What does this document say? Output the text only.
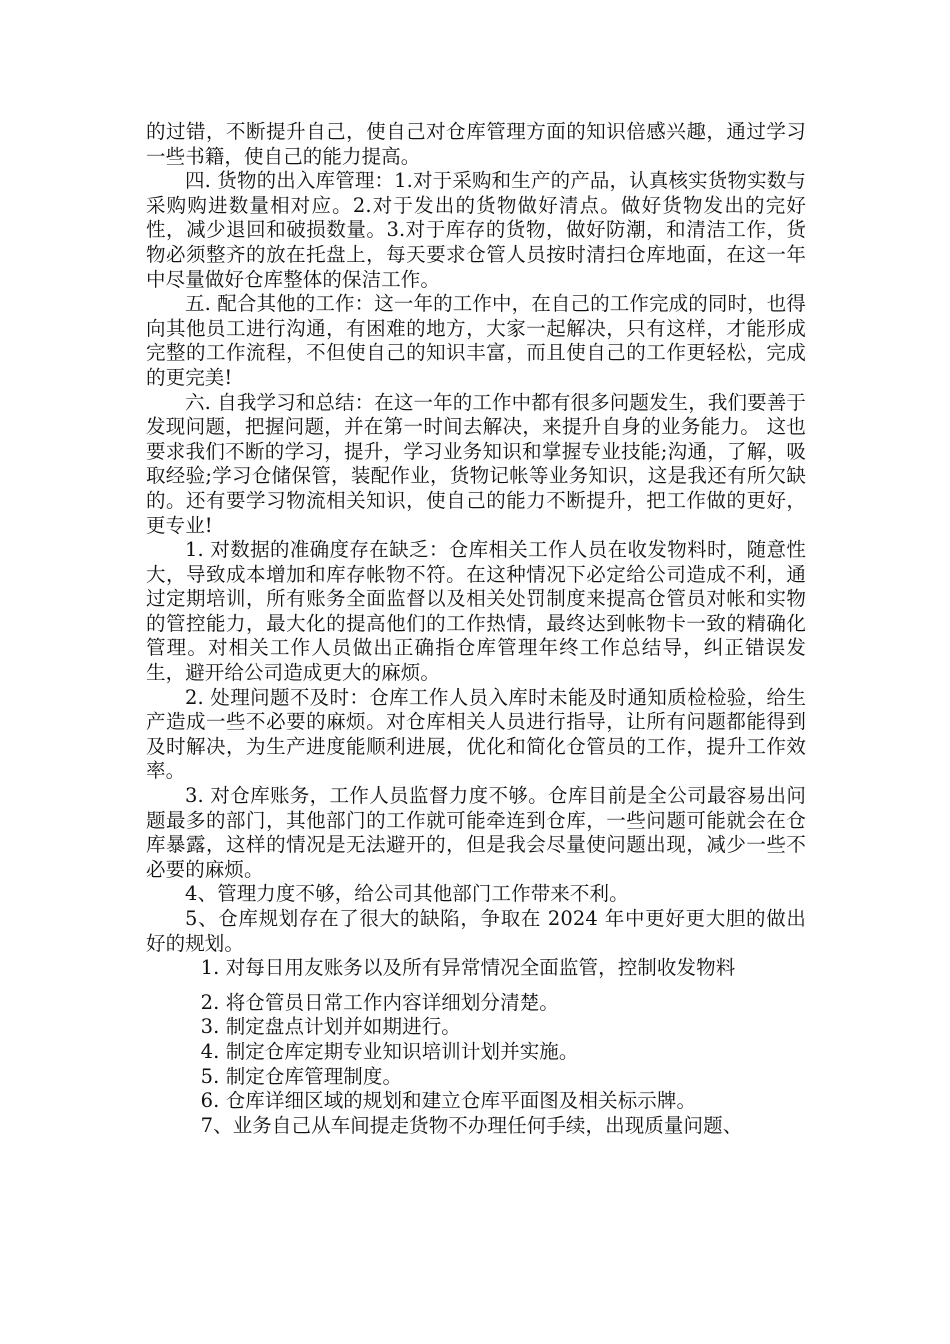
的过错，不断提升自己，使自己对仓库管理方面的知识倍感兴趣，通过学习一些书籍，使自己的能力提高。

四. 货物的出入库管理：1.对于采购和生产的产品，认真核实货物实数与采购购进数量相对应。2.对于发出的货物做好清点。做好货物发出的完好性，减少退回和破损数量。3.对于库存的货物，做好防潮，和清洁工作，货物必须整齐的放在托盘上，每天要求仓管人员按时清扫仓库地面，在这一年中尽量做好仓库整体的保洁工作。

五. 配合其他的工作：这一年的工作中，在自己的工作完成的同时，也得向其他员工进行沟通，有困难的地方，大家一起解决，只有这样，才能形成完整的工作流程，不但使自己的知识丰富，而且使自己的工作更轻松，完成的更完美!

六. 自我学习和总结：在这一年的工作中都有很多问题发生，我们要善于发现问题，把握问题，并在第一时间去解决，来提升自身的业务能力。 这也要求我们不断的学习，提升，学习业务知识和掌握专业技能;沟通，了解，吸取经验;学习仓储保管，装配作业，货物记帐等业务知识，这是我还有所欠缺的。还有要学习物流相关知识，使自己的能力不断提升，把工作做的更好，更专业!

1. 对数据的准确度存在缺乏：仓库相关工作人员在收发物料时，随意性大，导致成本增加和库存帐物不符。在这种情况下必定给公司造成不利，通过定期培训，所有账务全面监督以及相关处罚制度来提高仓管员对帐和实物的管控能力，最大化的提高他们的工作热情，最终达到帐物卡一致的精确化管理。对相关工作人员做出正确指仓库管理年终工作总结导，纠正错误发生，避开给公司造成更大的麻烦。

2. 处理问题不及时：仓库工作人员入库时未能及时通知质检检验，给生产造成一些不必要的麻烦。对仓库相关人员进行指导，让所有问题都能得到及时解决，为生产进度能顺利进展，优化和简化仓管员的工作，提升工作效率。

3. 对仓库账务，工作人员监督力度不够。仓库目前是全公司最容易出问题最多的部门，其他部门的工作就可能牵连到仓库，一些问题可能就会在仓库暴露，这样的情况是无法避开的，但是我会尽量使问题出现，减少一些不必要的麻烦。

4、管理力度不够，给公司其他部门工作带来不利。

5、仓库规划存在了很大的缺陷，争取在 2024 年中更好更大胆的做出好的规划。

1. 对每日用友账务以及所有异常情况全面监管，控制收发物料

2. 将仓管员日常工作内容详细划分清楚。

3. 制定盘点计划并如期进行。

4. 制定仓库定期专业知识培训计划并实施。

5. 制定仓库管理制度。

6. 仓库详细区域的规划和建立仓库平面图及相关标示牌。

7、业务自己从车间提走货物不办理任何手续，出现质量问题、
